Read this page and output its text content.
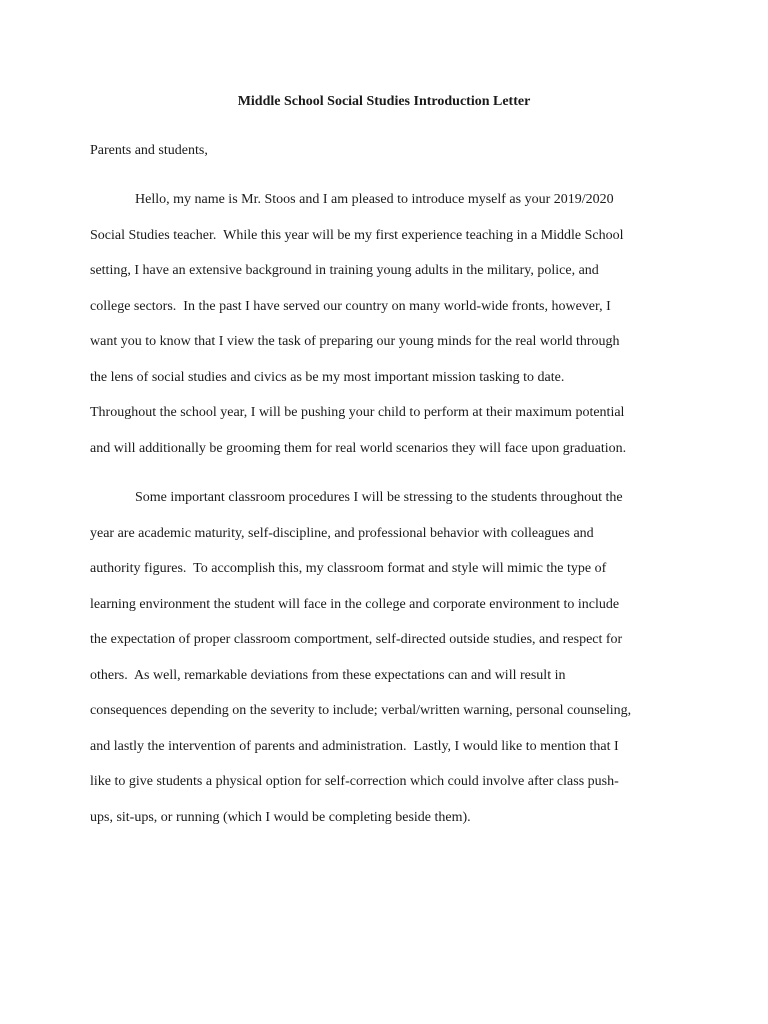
Middle School Social Studies Introduction Letter
Parents and students,
Hello, my name is Mr. Stoos and I am pleased to introduce myself as your 2019/2020
Social Studies teacher.  While this year will be my first experience teaching in a Middle School
setting, I have an extensive background in training young adults in the military, police, and
college sectors.  In the past I have served our country on many world-wide fronts, however, I
want you to know that I view the task of preparing our young minds for the real world through
the lens of social studies and civics as be my most important mission tasking to date.
Throughout the school year, I will be pushing your child to perform at their maximum potential
and will additionally be grooming them for real world scenarios they will face upon graduation.
Some important classroom procedures I will be stressing to the students throughout the
year are academic maturity, self-discipline, and professional behavior with colleagues and
authority figures.  To accomplish this, my classroom format and style will mimic the type of
learning environment the student will face in the college and corporate environment to include
the expectation of proper classroom comportment, self-directed outside studies, and respect for
others.  As well, remarkable deviations from these expectations can and will result in
consequences depending on the severity to include; verbal/written warning, personal counseling,
and lastly the intervention of parents and administration.  Lastly, I would like to mention that I
like to give students a physical option for self-correction which could involve after class push-
ups, sit-ups, or running (which I would be completing beside them).
